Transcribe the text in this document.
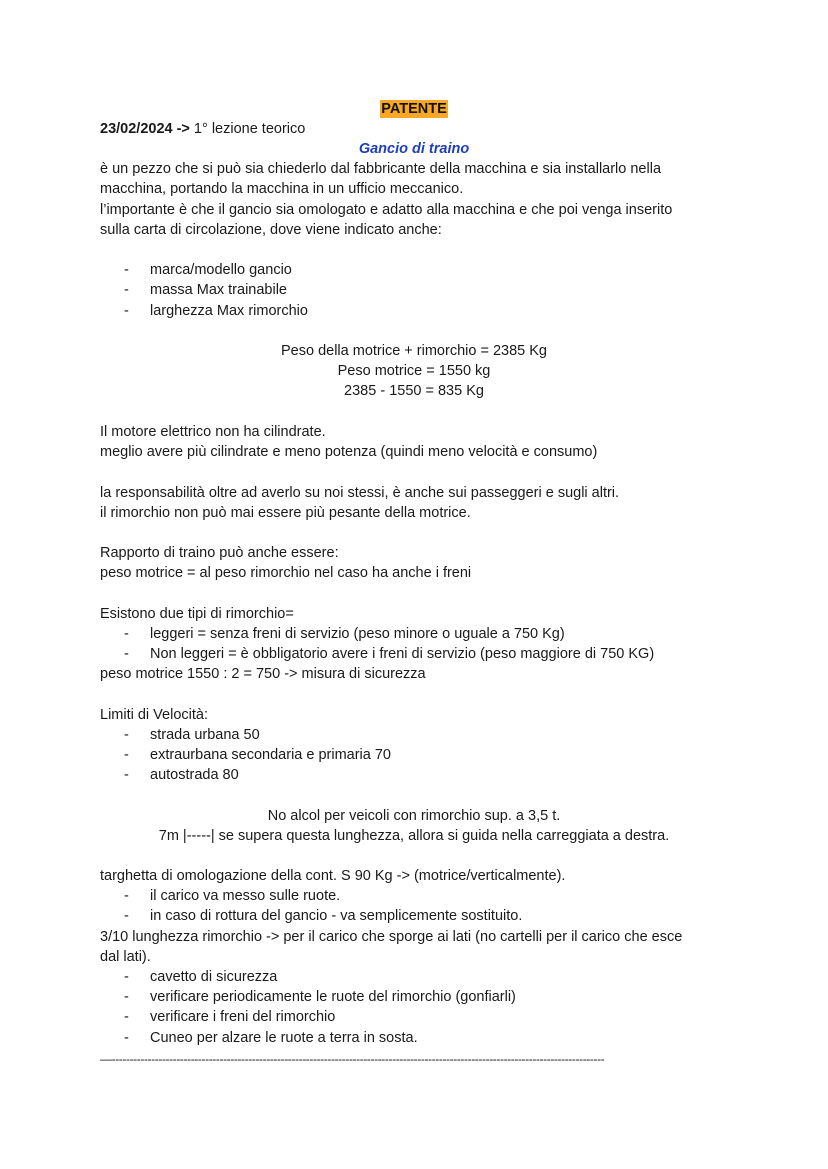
PATENTE
23/02/2024 -> 1° lezione teorico
Gancio di traino
è un pezzo che si può sia chiederlo dal fabbricante della macchina e sia installarlo nella
macchina, portando la macchina in un ufficio meccanico.
l’importante è che il gancio sia omologato e adatto alla macchina e che poi venga inserito
sulla carta di circolazione, dove viene indicato anche:
- marca/modello gancio
- massa Max trainabile
- larghezza Max rimorchio
Peso della motrice + rimorchio = 2385 Kg
Peso motrice = 1550 kg
2385 - 1550 = 835 Kg
Il motore elettrico non ha cilindrate.
meglio avere più cilindrate e meno potenza (quindi meno velocità e consumo)
la responsabilità oltre ad averlo su noi stessi, è anche sui passeggeri e sugli altri.
il rimorchio non può mai essere più pesante della motrice.
Rapporto di traino può anche essere:
peso motrice = al peso rimorchio nel caso ha anche i freni
Esistono due tipi di rimorchio=
- leggeri = senza freni di servizio (peso minore o uguale a 750 Kg)
- Non leggeri = è obbligatorio avere i freni di servizio (peso maggiore di 750 KG)
peso motrice 1550 : 2 = 750 -> misura di sicurezza
Limiti di Velocità:
- strada urbana 50
- extraurbana secondaria e primaria 70
- autostrada 80
No alcol per veicoli con rimorchio sup. a 3,5 t.
7m |-----| se supera questa lunghezza, allora si guida nella carreggiata a destra.
targhetta di omologazione della cont. S 90 Kg -> (motrice/verticalmente).
- il carico va messo sulle ruote.
- in caso di rottura del gancio - va semplicemente sostituito.
3/10 lunghezza rimorchio -> per il carico che sporge ai lati (no cartelli per il carico che esce
dal lati).
- cavetto di sicurezza
- verificare periodicamente le ruote del rimorchio (gonfiarli)
- verificare i freni del rimorchio
- Cuneo per alzare le ruote a terra in sosta.
—-----------------------------------------------------------------------------------------------------------------------------------------
